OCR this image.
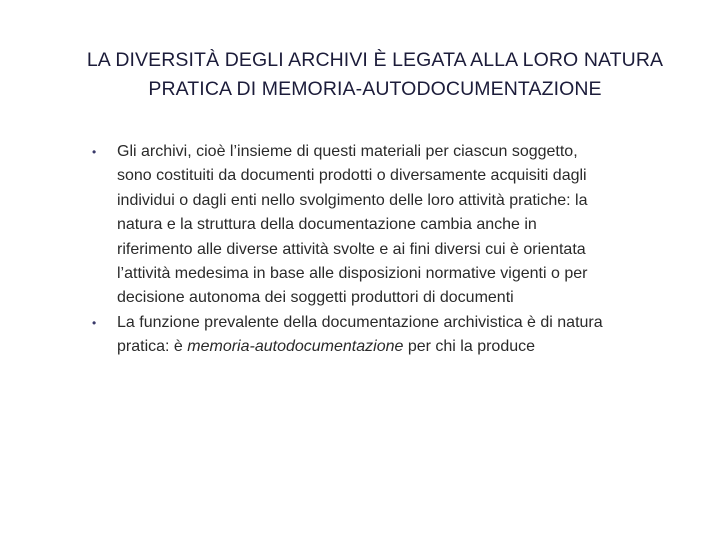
LA DIVERSITÀ DEGLI ARCHIVI È LEGATA ALLA LORO NATURA
PRATICA DI MEMORIA-AUTODOCUMENTAZIONE
•	Gli archivi, cioè l’insieme di questi materiali per ciascun soggetto,
sono costituiti da documenti prodotti o diversamente acquisiti dagli
individui o dagli enti nello svolgimento delle loro attività pratiche: la
natura e la struttura della documentazione cambia anche in
riferimento alle diverse attività svolte e ai fini diversi cui è orientata
l’attività medesima in base alle disposizioni normative vigenti o per
decisione autonoma dei soggetti produttori di documenti
•	La funzione prevalente della documentazione archivistica è di natura
pratica: è memoria-autodocumentazione per chi la produce
